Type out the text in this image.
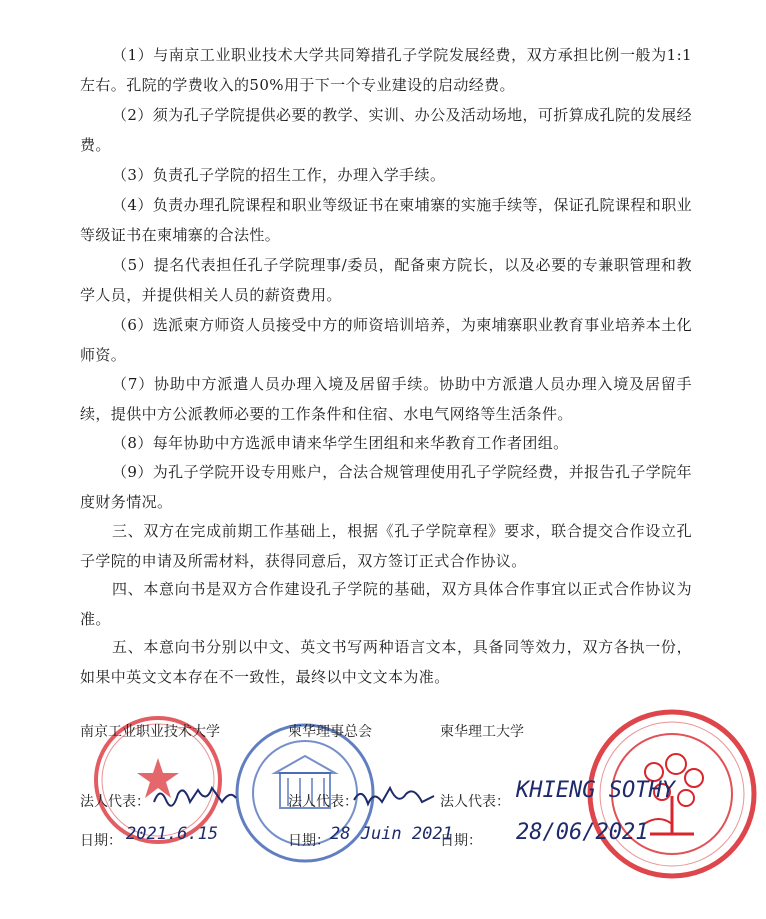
（1）与南京工业职业技术大学共同筹措孔子学院发展经费，双方承担比例一般为1:1左右。孔院的学费收入的50%用于下一个专业建设的启动经费。

（2）须为孔子学院提供必要的教学、实训、办公及活动场地，可折算成孔院的发展经费。

（3）负责孔子学院的招生工作，办理入学手续。

（4）负责办理孔院课程和职业等级证书在柬埔寨的实施手续等，保证孔院课程和职业等级证书在柬埔寨的合法性。

（5）提名代表担任孔子学院理事/委员，配备柬方院长，以及必要的专兼职管理和教学人员，并提供相关人员的薪资费用。

（6）选派柬方师资人员接受中方的师资培训培养，为柬埔寨职业教育事业培养本土化师资。

（7）协助中方派遣人员办理入境及居留手续。协助中方派遣人员办理入境及居留手续，提供中方公派教师必要的工作条件和住宿、水电气网络等生活条件。

（8）每年协助中方选派申请来华学生团组和来华教育工作者团组。

（9）为孔子学院开设专用账户，合法合规管理使用孔子学院经费，并报告孔子学院年度财务情况。

三、双方在完成前期工作基础上，根据《孔子学院章程》要求，联合提交合作设立孔子学院的申请及所需材料，获得同意后，双方签订正式合作协议。

四、本意向书是双方合作建设孔子学院的基础，双方具体合作事宜以正式合作协议为准。

五、本意向书分别以中文、英文书写两种语言文本，具备同等效力，双方各执一份，如果中英文文本存在不一致性，最终以中文文本为准。

南京工业职业技术大学	柬华理事总会	柬华理工大学
法人代表：	法人代表：	法人代表： KHIENG SOTHY
日期：	日期：	日期：
2021.6.15	28 Juin 2021	28/06/2021
